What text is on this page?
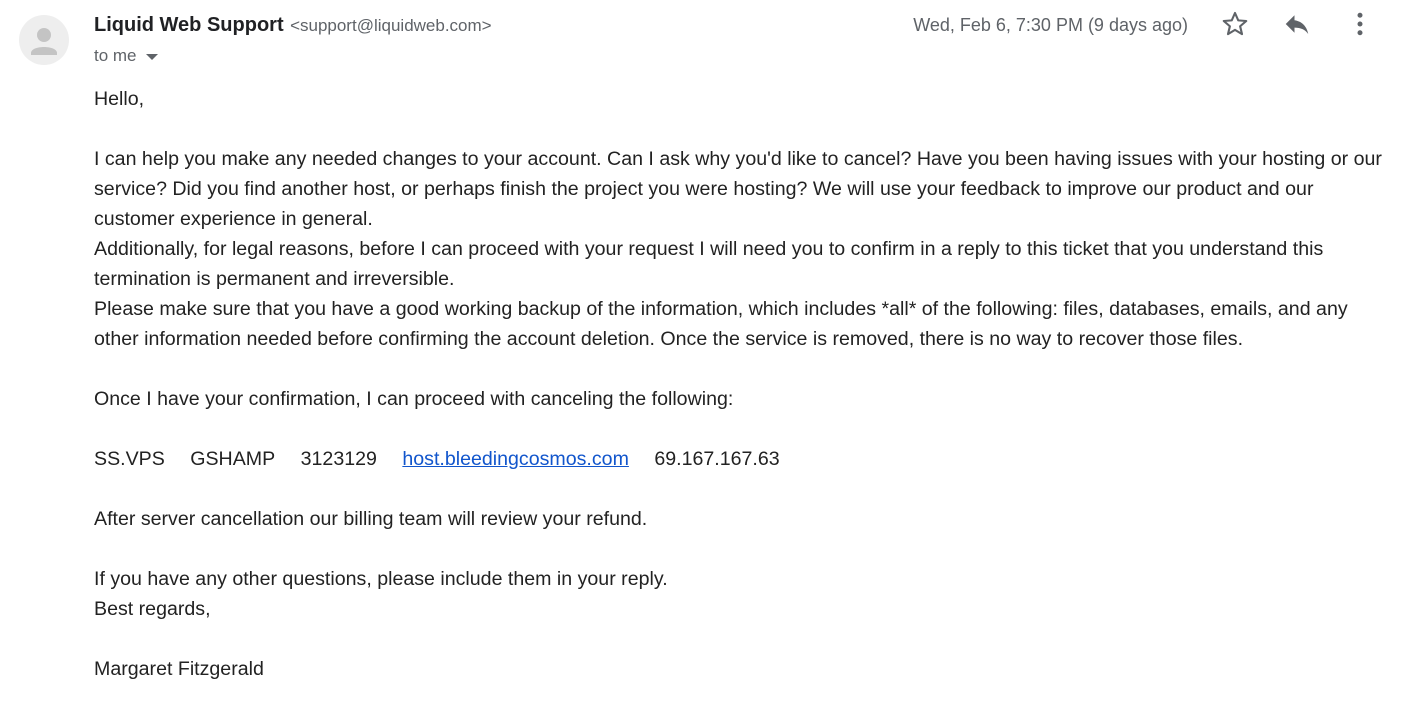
Liquid Web Support <support@liquidweb.com>
to me
Wed, Feb 6, 7:30 PM (9 days ago)

Hello,

I can help you make any needed changes to your account. Can I ask why you'd like to cancel? Have you been having issues with your hosting or our service? Did you find another host, or perhaps finish the project you were hosting? We will use your feedback to improve our product and our customer experience in general.

Additionally, for legal reasons, before I can proceed with your request I will need you to confirm in a reply to this ticket that you understand this termination is permanent and irreversible.

Please make sure that you have a good working backup of the information, which includes *all* of the following: files, databases, emails, and any other information needed before confirming the account deletion. Once the service is removed, there is no way to recover those files.

Once I have your confirmation, I can proceed with canceling the following:

SS.VPS GSHAMP 3123129 host.bleedingcosmos.com 69.167.167.63

After server cancellation our billing team will review your refund.

If you have any other questions, please include them in your reply.

Best regards,

Margaret Fitzgerald
